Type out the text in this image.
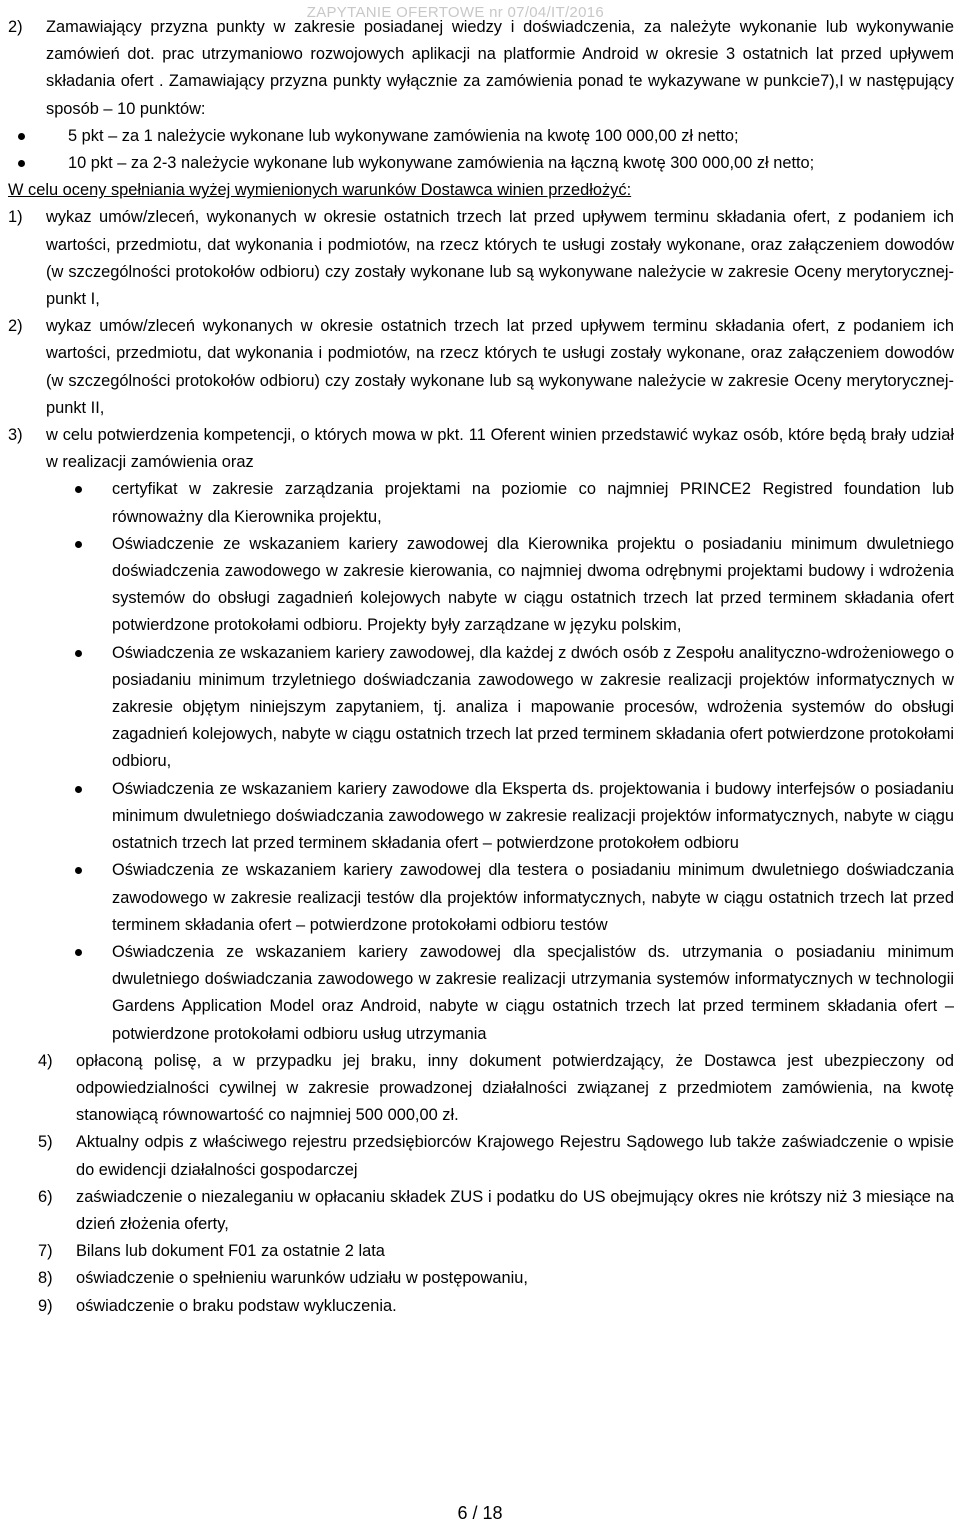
ZAPYTANIE OFERTOWE nr 07/04/IT/2016
2)	Zamawiający przyzna punkty w zakresie posiadanej wiedzy i doświadczenia, za należyte wykonanie lub wykonywanie zamówień dot. prac utrzymaniowo rozwojowych aplikacji na platformie Android w okresie 3 ostatnich lat przed upływem składania ofert . Zamawiający przyzna punkty wyłącznie za zamówienia ponad te wykazywane w punkcie7),I w następujący sposób – 10 punktów:

5 pkt – za 1 należycie wykonane lub wykonywane zamówienia na kwotę 100 000,00 zł netto;

10 pkt – za 2-3 należycie wykonane lub wykonywane zamówienia na łączną kwotę 300 000,00 zł netto;

W celu oceny spełniania wyżej wymienionych warunków Dostawca winien przedłożyć:

1)	wykaz umów/zleceń, wykonanych w okresie ostatnich trzech lat przed upływem terminu składania ofert, z podaniem ich wartości, przedmiotu, dat wykonania i podmiotów, na rzecz których te usługi zostały wykonane, oraz załączeniem dowodów (w szczególności protokołów odbioru) czy zostały wykonane lub są wykonywane należycie w zakresie Oceny merytorycznej- punkt I,

2)	wykaz umów/zleceń wykonanych w okresie ostatnich trzech lat przed upływem terminu składania ofert, z podaniem ich wartości, przedmiotu, dat wykonania i podmiotów, na rzecz których te usługi zostały wykonane, oraz załączeniem dowodów (w szczególności protokołów odbioru) czy zostały wykonane lub są wykonywane należycie w zakresie Oceny merytorycznej- punkt II,

3)	w celu potwierdzenia kompetencji, o których mowa w pkt. 11 Oferent winien przedstawić wykaz osób, które będą brały udział w realizacji zamówienia oraz

certyfikat w zakresie zarządzania projektami na poziomie co najmniej PRINCE2 Registred foundation lub równoważny dla Kierownika projektu,

Oświadczenie ze wskazaniem kariery zawodowej dla Kierownika projektu o posiadaniu minimum dwuletniego doświadczenia zawodowego w zakresie kierowania, co najmniej dwoma odrębnymi projektami budowy i wdrożenia systemów do obsługi zagadnień kolejowych nabyte w ciągu ostatnich trzech lat przed terminem składania ofert potwierdzone protokołami odbioru. Projekty były zarządzane w języku polskim,

Oświadczenia ze wskazaniem kariery zawodowej, dla każdej z dwóch osób z Zespołu analityczno-wdrożeniowego o posiadaniu minimum trzyletniego doświadczania zawodowego w zakresie realizacji projektów informatycznych w zakresie objętym niniejszym zapytaniem, tj. analiza i mapowanie procesów, wdrożenia systemów do obsługi zagadnień kolejowych, nabyte w ciągu ostatnich trzech lat przed terminem składania ofert potwierdzone protokołami odbioru,

Oświadczenia ze wskazaniem kariery zawodowe dla Eksperta ds. projektowania i budowy interfejsów o posiadaniu minimum dwuletniego doświadczania zawodowego w zakresie realizacji projektów informatycznych, nabyte w ciągu ostatnich trzech lat przed terminem składania ofert – potwierdzone protokołem odbioru

Oświadczenia ze wskazaniem kariery zawodowej dla testera o posiadaniu minimum dwuletniego doświadczania zawodowego w zakresie realizacji testów dla projektów informatycznych, nabyte w ciągu ostatnich trzech lat przed terminem składania ofert – potwierdzone protokołami odbioru testów

Oświadczenia ze wskazaniem kariery zawodowej dla specjalistów ds. utrzymania o posiadaniu minimum dwuletniego doświadczania zawodowego w zakresie realizacji utrzymania systemów informatycznych w technologii Gardens Application Model oraz Android, nabyte w ciągu ostatnich trzech lat przed terminem składania ofert – potwierdzone protokołami odbioru usług utrzymania

4)	opłaconą polisę, a w przypadku jej braku, inny dokument potwierdzający, że Dostawca jest ubezpieczony od odpowiedzialności cywilnej w zakresie prowadzonej działalności związanej z przedmiotem zamówienia, na kwotę stanowiącą równowartość co najmniej 500 000,00 zł.

5)	Aktualny odpis z właściwego rejestru przedsiębiorców Krajowego Rejestru Sądowego lub także zaświadczenie o wpisie do ewidencji działalności gospodarczej

6)	zaświadczenie o niezaleganiu w opłacaniu składek ZUS i podatku do US obejmujący okres nie krótszy niż 3 miesiące na dzień złożenia oferty,

7)	Bilans lub dokument F01 za ostatnie 2 lata

8)	oświadczenie o spełnieniu warunków udziału w postępowaniu,

9)	oświadczenie o braku podstaw wykluczenia.

6 / 18
